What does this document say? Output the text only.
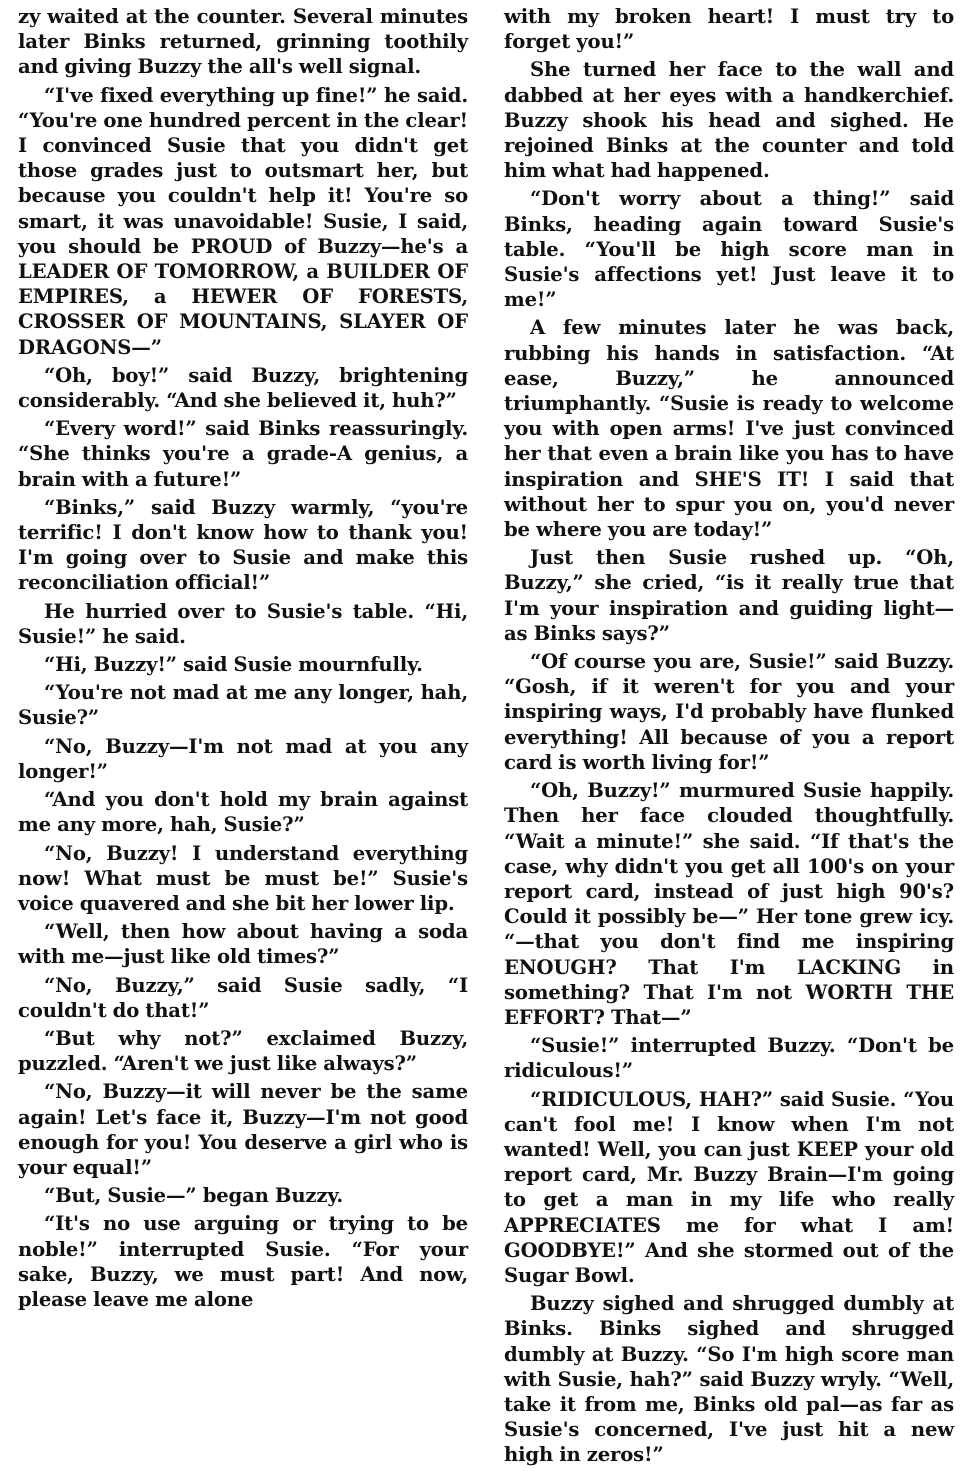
zy waited at the counter. Several minutes later Binks returned, grinning toothily and giving Buzzy the all's well signal.

“I've fixed everything up fine!” he said. “You're one hundred percent in the clear! I convinced Susie that you didn't get those grades just to outsmart her, but because you couldn't help it! You're so smart, it was unavoidable! Susie, I said, you should be PROUD of Buzzy—he's a LEADER OF TOMORROW, a BUILDER OF EMPIRES, a HEWER OF FORESTS, CROSSER OF MOUNTAINS, SLAYER OF DRAGONS—”

“Oh, boy!” said Buzzy, brightening considerably. “And she believed it, huh?”

“Every word!” said Binks reassuringly. “She thinks you're a grade-A genius, a brain with a future!”

“Binks,” said Buzzy warmly, “you're terrific! I don't know how to thank you! I'm going over to Susie and make this reconciliation official!”

He hurried over to Susie's table. “Hi, Susie!” he said.

“Hi, Buzzy!” said Susie mournfully.

“You're not mad at me any longer, hah, Susie?”

“No, Buzzy—I'm not mad at you any longer!”

“And you don't hold my brain against me any more, hah, Susie?”

“No, Buzzy! I understand everything now! What must be must be!” Susie's voice quavered and she bit her lower lip.

“Well, then how about having a soda with me—just like old times?”

“No, Buzzy,” said Susie sadly, “I couldn't do that!”

“But why not?” exclaimed Buzzy, puzzled. “Aren't we just like always?”

“No, Buzzy—it will never be the same again! Let's face it, Buzzy—I'm not good enough for you! You deserve a girl who is your equal!”

“But, Susie—” began Buzzy.

“It's no use arguing or trying to be noble!” interrupted Susie. “For your sake, Buzzy, we must part! And now, please leave me alone

with my broken heart! I must try to forget you!”

She turned her face to the wall and dabbed at her eyes with a handkerchief. Buzzy shook his head and sighed. He rejoined Binks at the counter and told him what had happened.

“Don't worry about a thing!” said Binks, heading again toward Susie's table. “You'll be high score man in Susie's affections yet! Just leave it to me!”

A few minutes later he was back, rubbing his hands in satisfaction. “At ease, Buzzy,” he announced triumphantly. “Susie is ready to welcome you with open arms! I've just convinced her that even a brain like you has to have inspiration and SHE'S IT! I said that without her to spur you on, you'd never be where you are today!”

Just then Susie rushed up. “Oh, Buzzy,” she cried, “is it really true that I'm your inspiration and guiding light—as Binks says?”

“Of course you are, Susie!” said Buzzy. “Gosh, if it weren't for you and your inspiring ways, I'd probably have flunked everything! All because of you a report card is worth living for!”

“Oh, Buzzy!” murmured Susie happily. Then her face clouded thoughtfully. “Wait a minute!” she said. “If that's the case, why didn't you get all 100's on your report card, instead of just high 90's? Could it possibly be—” Her tone grew icy. “—that you don't find me inspiring ENOUGH? That I'm LACKING in something? That I'm not WORTH THE EFFORT? That—”

“Susie!” interrupted Buzzy. “Don't be ridiculous!”

“RIDICULOUS, HAH?” said Susie. “You can't fool me! I know when I'm not wanted! Well, you can just KEEP your old report card, Mr. Buzzy Brain—I'm going to get a man in my life who really APPRECIATES me for what I am! GOODBYE!” And she stormed out of the Sugar Bowl.

Buzzy sighed and shrugged dumbly at Binks. Binks sighed and shrugged dumbly at Buzzy. “So I'm high score man with Susie, hah?” said Buzzy wryly. “Well, take it from me, Binks old pal—as far as Susie's concerned, I've just hit a new high in zeros!”
